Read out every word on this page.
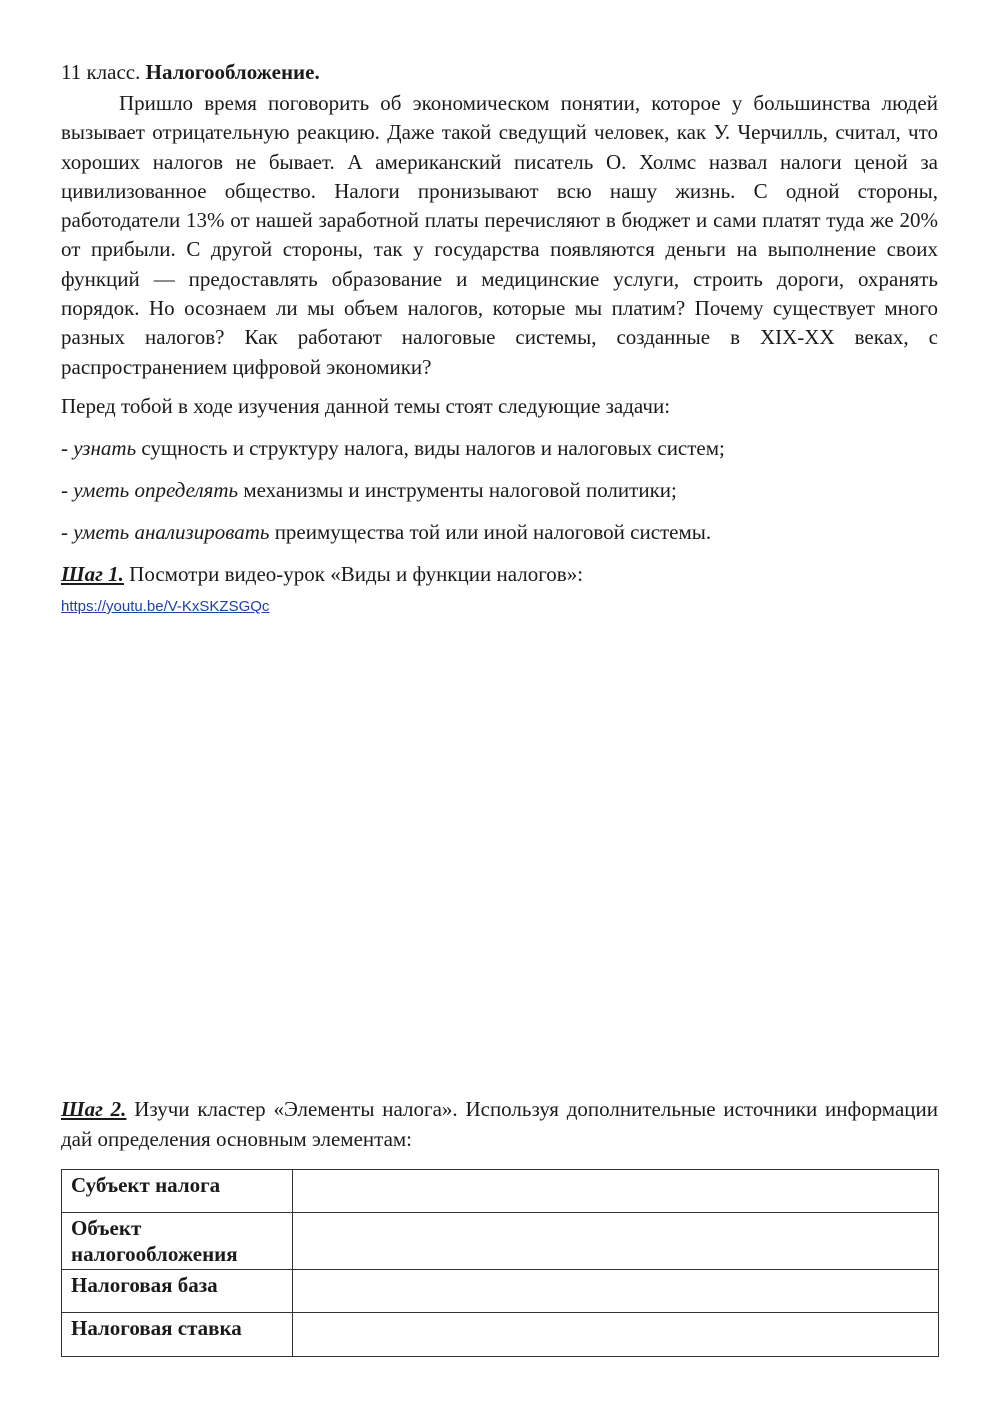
11 класс. Налогообложение.

Пришло время поговорить об экономическом понятии, которое у большинства людей вызывает отрицательную реакцию. Даже такой сведущий человек, как У. Черчилль, считал, что хороших налогов не бывает. А американский писатель О. Холмс назвал налоги ценой за цивилизованное общество. Налоги пронизывают всю нашу жизнь. С одной стороны, работодатели 13% от нашей заработной платы перечисляют в бюджет и сами платят туда же 20% от прибыли. С другой стороны, так у государства появляются деньги на выполнение своих функций — предоставлять образование и медицинские услуги, строить дороги, охранять порядок. Но осознаем ли мы объем налогов, которые мы платим? Почему существует много разных налогов? Как работают налоговые системы, созданные в XIX-XX веках, с распространением цифровой экономики?

Перед тобой в ходе изучения данной темы стоят следующие задачи:

- узнать сущность и структуру налога, виды налогов и налоговых систем;

- уметь определять механизмы и инструменты налоговой политики;

- уметь анализировать преимущества той или иной налоговой системы.

Шаг 1. Посмотри видео-урок «Виды и функции налогов»:

https://youtu.be/V-KxSKZSGQc

Шаг 2. Изучи кластер «Элементы налога». Используя дополнительные источники информации дай определения основным элементам:

Субъект налога	
Объект налогообложения	
Налоговая база	
Налоговая ставка	
